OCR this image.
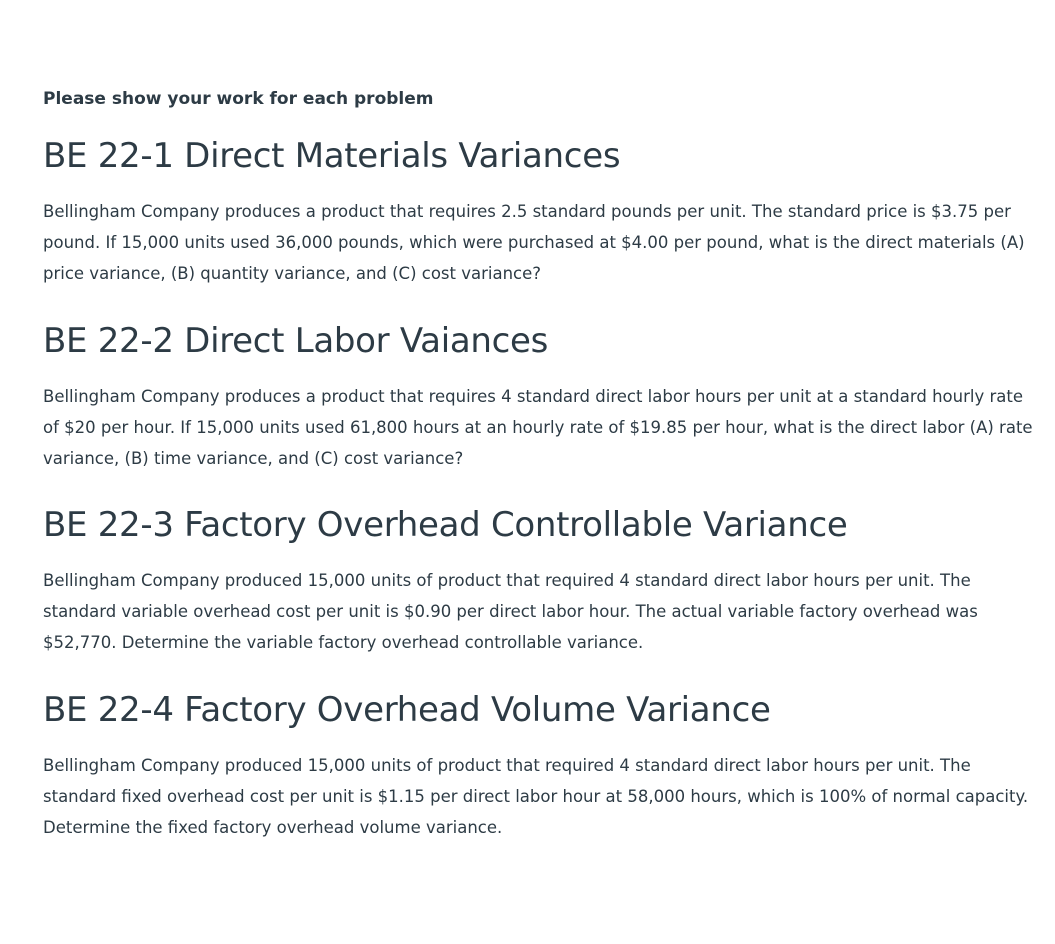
Please show your work for each problem

BE 22-1 Direct Materials Variances

Bellingham Company produces a product that requires 2.5 standard pounds per unit. The standard price is $3.75 per pound. If 15,000 units used 36,000 pounds, which were purchased at $4.00 per pound, what is the direct materials (A) price variance, (B) quantity variance, and (C) cost variance?

BE 22-2 Direct Labor Vaiances

Bellingham Company produces a product that requires 4 standard direct labor hours per unit at a standard hourly rate of $20 per hour. If 15,000 units used 61,800 hours at an hourly rate of $19.85 per hour, what is the direct labor (A) rate variance, (B) time variance, and (C) cost variance?

BE 22-3 Factory Overhead Controllable Variance

Bellingham Company produced 15,000 units of product that required 4 standard direct labor hours per unit. The standard variable overhead cost per unit is $0.90 per direct labor hour. The actual variable factory overhead was $52,770. Determine the variable factory overhead controllable variance.

BE 22-4 Factory Overhead Volume Variance

Bellingham Company produced 15,000 units of product that required 4 standard direct labor hours per unit. The standard fixed overhead cost per unit is $1.15 per direct labor hour at 58,000 hours, which is 100% of normal capacity. Determine the fixed factory overhead volume variance.
